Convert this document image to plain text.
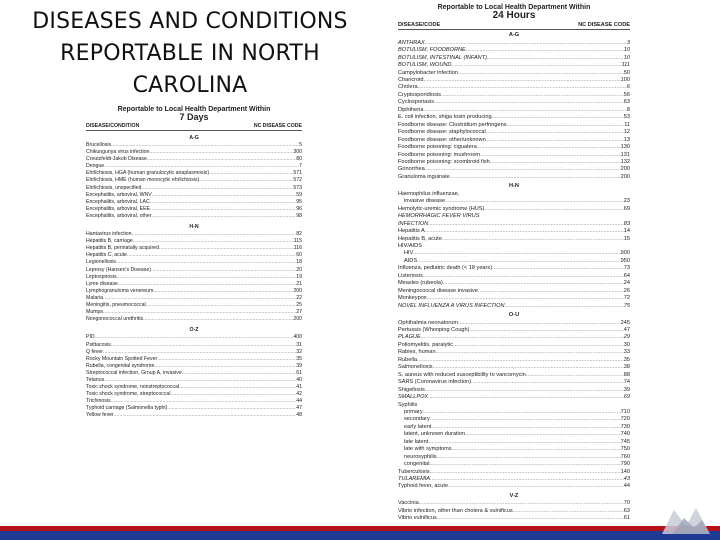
DISEASES AND CONDITIONS
REPORTABLE IN NORTH
CAROLINA
Reportable to Local Health Department Within
7 Days
DISEASE/CONDITION	NC DISEASE CODE
A-G
Brucellosis .....	5
Chikungunya virus infection .....	300
Creutzfeldt-Jakob Disease .....	80
Dengue .....	7
Ehrlichiosis, HGA (human granulocytic anaplasmosis) .....	571
Ehrlichiosis, HME (human monocytic ehrlichiosis) .....	572
Ehrlichiosis, unspecified .....	573
Encephalitis, arboviral, WNV .....	59
Encephalitis, arboviral, LAC .....	95
Encephalitis, arboviral, EEE .....	96
Encephalitis, arboviral, other .....	98
H-N
Hantavirus infection .....	82
Hepatitis B, carriage .....	115
Hepatitis B, perinatally acquired .....	116
Hepatitis C, acute .....	60
Legionellosis .....	18
Leprosy (Hansen's Disease) .....	20
Leptospirosis .....	19
Lyme disease .....	21
Lymphogranuloma venereum .....	200
Malaria .....	22
Meningitis, pneumococcal .....	25
Mumps .....	27
Nongonococcal urethritis .....	200
O-Z
PID .....	400
Psittacosis .....	31
Q fever .....	32
Rocky Mountain Spotted Fever .....	35
Rubella, congenital syndrome .....	39
Streptococcal infection, Group A, invasive .....	61
Tetanus .....	40
Toxic shock syndrome, nonstreptococcal .....	41
Toxic shock syndrome, streptococcal .....	42
Trichinosis .....	44
Typhoid carriage (Salmonella typhi) .....	47
Yellow fever .....	48
Reportable to Local Health Department Within
24 Hours
DISEASE/CODE	NC DISEASE CODE
A-G
ANTHRAX .....	3
BOTULISM, FOODBORNE .....	10
BOTULISM, INTESTINAL (INFANT) .....	10
BOTULISM, WOUND .....	111
Campylobacter infection .....	50
Chancroid .....	100
Cholera .....	6
Cryptosporidiosis .....	56
Cyclosporiasis .....	63
Diphtheria .....	8
E. coli infection, shiga toxin producing .....	53
Foodborne disease: Clostridium perfringens .....	11
Foodborne disease: staphylococcal .....	12
Foodborne disease: other/unknown .....	13
Foodborne poisoning: ciguatera .....	130
Foodborne poisoning: mushroom .....	131
Foodborne poisoning: scombroid fish .....	132
Gonorrhea .....	200
Granuloma inguinale .....	200
H-N
Haemophilus influenzae,
invasive disease .....	23
Hemolytic-uremic syndrome (HUS) .....	69
HEMORRHAGIC FEVER VIRUS
INFECTION .....	83
Hepatitis A .....	14
Hepatitis B, acute .....	15
HIV/AIDS
HIV .....	900
AIDS .....	950
Influenza, pediatric death (< 18 years) .....	73
Listeriosis .....	64
Measles (rubeola) .....	24
Meningococcal disease invasive .....	26
Monkeypox .....	72
NOVEL INFLUENZA A VIRUS INFECTION .....	75
O-U
Ophthalmia neonatorum .....	245
Pertussis (Whooping Cough) .....	47
PLAGUE .....	29
Poliomyelitis, paralytic .....	30
Rabies, human .....	33
Rubella .....	35
Salmonellosis .....	38
S. aureus with reduced susceptibility to vancomycin .....	88
SARS (Coronavirus infection) .....	74
Shigellosis .....	39
SMALLPOX .....	69
Syphilis
primary .....	710
secondary .....	720
early latent .....	730
latent, unknown duration .....	740
late latent .....	745
late with symptoms .....	750
neurosyphilis .....	760
congenital .....	790
Tuberculosis .....	140
TULAREMIA .....	43
Typhoid fever, acute .....	44
V-Z
Vaccinia .....	70
Vibrio infection, other than cholera & vulnificus .....	63
Vibrio vulnificus .....	61
